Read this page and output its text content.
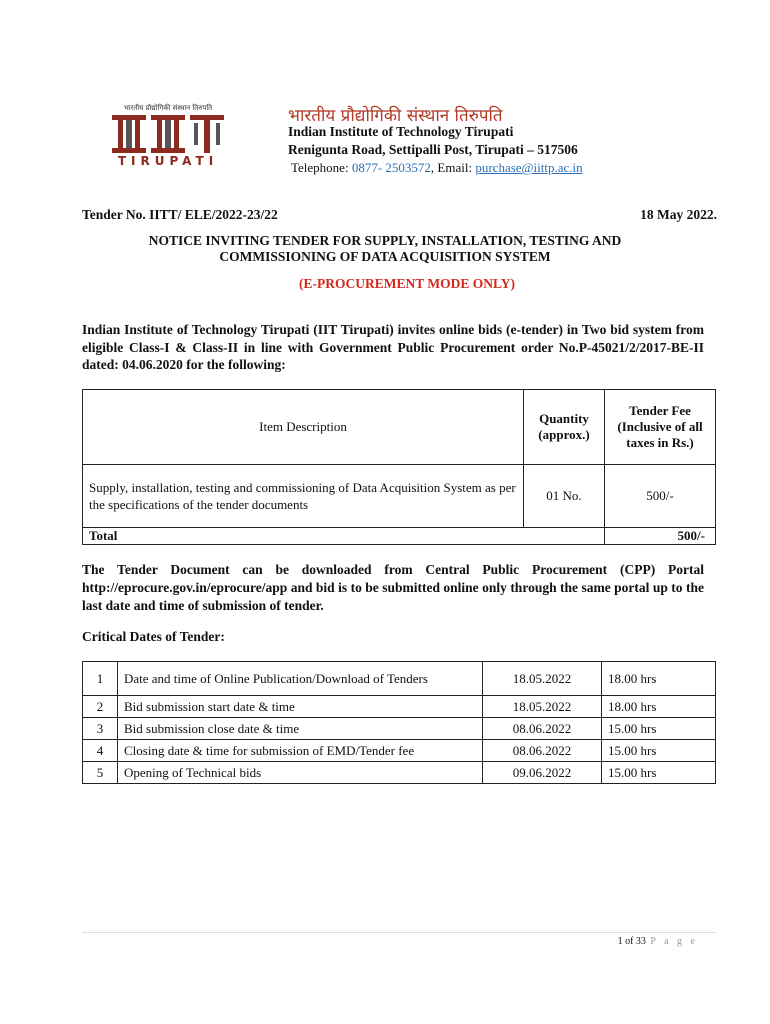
भारतीय प्रौद्योगिकी संस्थान तिरुपति
TIRUPATI
भारतीय प्रौद्योगिकी संस्थान तिरुपति
Indian Institute of Technology Tirupati
Renigunta Road, Settipalli Post, Tirupati – 517506
Telephone: 0877- 2503572, Email: purchase@iittp.ac.in
Tender No. IITT/ ELE/2022-23/22	18 May 2022.
NOTICE INVITING TENDER FOR SUPPLY, INSTALLATION, TESTING AND
COMMISSIONING OF DATA ACQUISITION SYSTEM
(E-PROCUREMENT MODE ONLY)
Indian Institute of Technology Tirupati (IIT Tirupati) invites online bids (e-tender) in Two bid system from eligible Class-I & Class-II in line with Government Public Procurement order No.P-45021/2/2017-BE-II dated: 04.06.2020 for the following:
Item Description	Quantity (approx.)	Tender Fee (Inclusive of all taxes in Rs.)
Supply, installation, testing and commissioning of Data Acquisition System as per the specifications of the tender documents	01 No.	500/-
Total		500/-
The Tender Document can be downloaded from Central Public Procurement (CPP) Portal http://eprocure.gov.in/eprocure/app and bid is to be submitted online only through the same portal up to the last date and time of submission of tender.
Critical Dates of Tender:
1	Date and time of Online Publication/Download of Tenders	18.05.2022	18.00 hrs
2	Bid submission start date & time	18.05.2022	18.00 hrs
3	Bid submission close date & time	08.06.2022	15.00 hrs
4	Closing date & time for submission of EMD/Tender fee	08.06.2022	15.00 hrs
5	Opening of Technical bids	09.06.2022	15.00 hrs
1 of 33 P a g e
